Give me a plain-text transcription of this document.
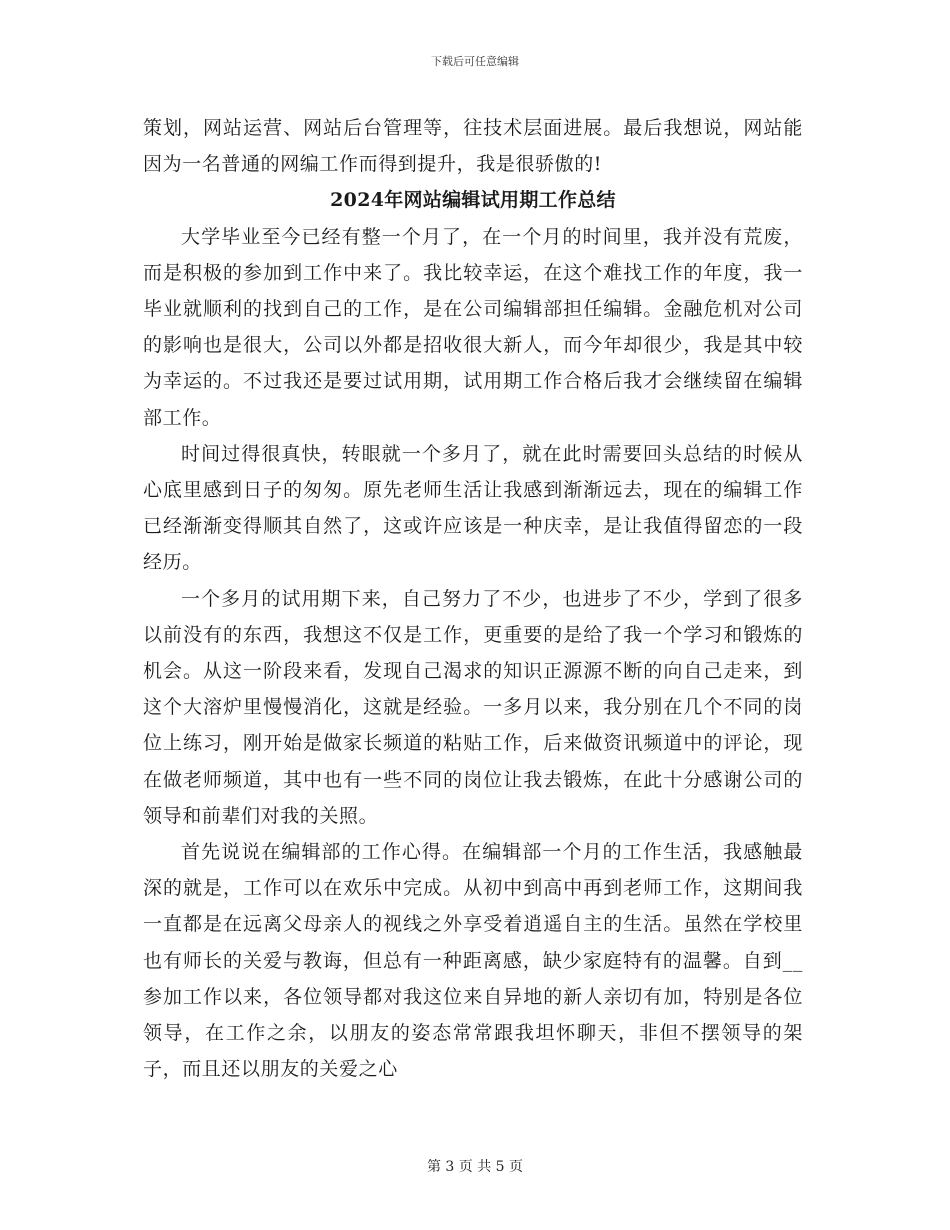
下载后可任意编辑

策划，网站运营、网站后台管理等，往技术层面进展。最后我想说，网站能因为一名普通的网编工作而得到提升，我是很骄傲的!

2024年网站编辑试用期工作总结

大学毕业至今已经有整一个月了，在一个月的时间里，我并没有荒废，而是积极的参加到工作中来了。我比较幸运，在这个难找工作的年度，我一毕业就顺利的找到自己的工作，是在公司编辑部担任编辑。金融危机对公司的影响也是很大，公司以外都是招收很大新人，而今年却很少，我是其中较为幸运的。不过我还是要过试用期，试用期工作合格后我才会继续留在编辑部工作。

时间过得很真快，转眼就一个多月了，就在此时需要回头总结的时候从心底里感到日子的匆匆。原先老师生活让我感到渐渐远去，现在的编辑工作已经渐渐变得顺其自然了，这或许应该是一种庆幸，是让我值得留恋的一段经历。

一个多月的试用期下来，自己努力了不少，也进步了不少，学到了很多以前没有的东西，我想这不仅是工作，更重要的是给了我一个学习和锻炼的机会。从这一阶段来看，发现自己渴求的知识正源源不断的向自己走来，到这个大溶炉里慢慢消化，这就是经验。一多月以来，我分别在几个不同的岗位上练习，刚开始是做家长频道的粘贴工作，后来做资讯频道中的评论，现在做老师频道，其中也有一些不同的岗位让我去锻炼，在此十分感谢公司的领导和前辈们对我的关照。

首先说说在编辑部的工作心得。在编辑部一个月的工作生活，我感触最深的就是，工作可以在欢乐中完成。从初中到高中再到老师工作，这期间我一直都是在远离父母亲人的视线之外享受着逍遥自主的生活。虽然在学校里也有师长的关爱与教诲，但总有一种距离感，缺少家庭特有的温馨。自到__参加工作以来，各位领导都对我这位来自异地的新人亲切有加，特别是各位领导，在工作之余，以朋友的姿态常常跟我坦怀聊天，非但不摆领导的架子，而且还以朋友的关爱之心

第 3 页 共 5 页
